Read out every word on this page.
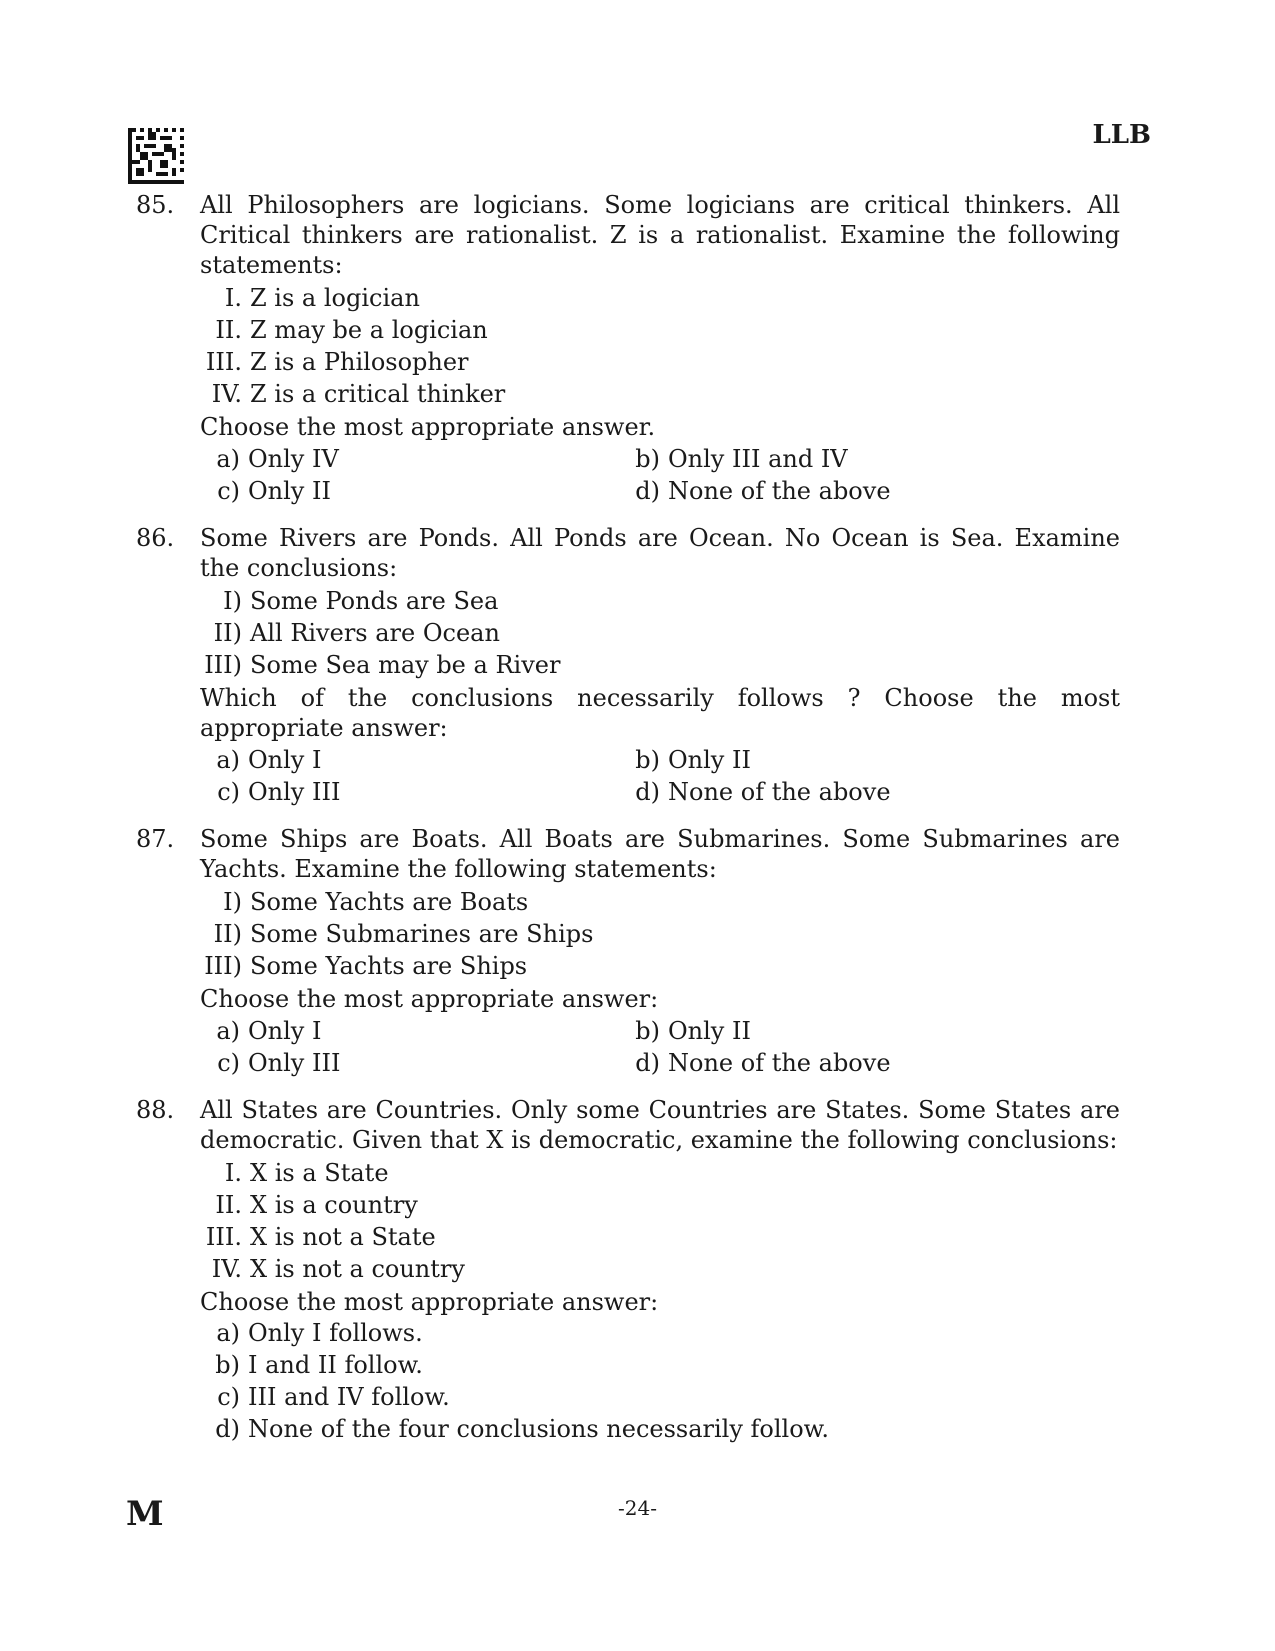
LLB
85. All Philosophers are logicians. Some logicians are critical thinkers. All Critical thinkers are rationalist. Z is a rationalist. Examine the following statements:

I. Z is a logician
II. Z may be a logician
III. Z is a Philosopher
IV. Z is a critical thinker

Choose the most appropriate answer.

a) Only IV	b) Only III and IV
c) Only II	d) None of the above
86. Some Rivers are Ponds. All Ponds are Ocean. No Ocean is Sea. Examine the conclusions:

I) Some Ponds are Sea
II) All Rivers are Ocean
III) Some Sea may be a River

Which of the conclusions necessarily follows ? Choose the most appropriate answer:

a) Only I	b) Only II
c) Only III	d) None of the above
87. Some Ships are Boats. All Boats are Submarines. Some Submarines are Yachts. Examine the following statements:

I) Some Yachts are Boats
II) Some Submarines are Ships
III) Some Yachts are Ships

Choose the most appropriate answer:

a) Only I	b) Only II
c) Only III	d) None of the above
88. All States are Countries. Only some Countries are States. Some States are democratic. Given that X is democratic, examine the following conclusions:

I. X is a State
II. X is a country
III. X is not a State
IV. X is not a country

Choose the most appropriate answer:

a) Only I follows.
b) I and II follow.
c) III and IV follow.
d) None of the four conclusions necessarily follow.
M	-24-
